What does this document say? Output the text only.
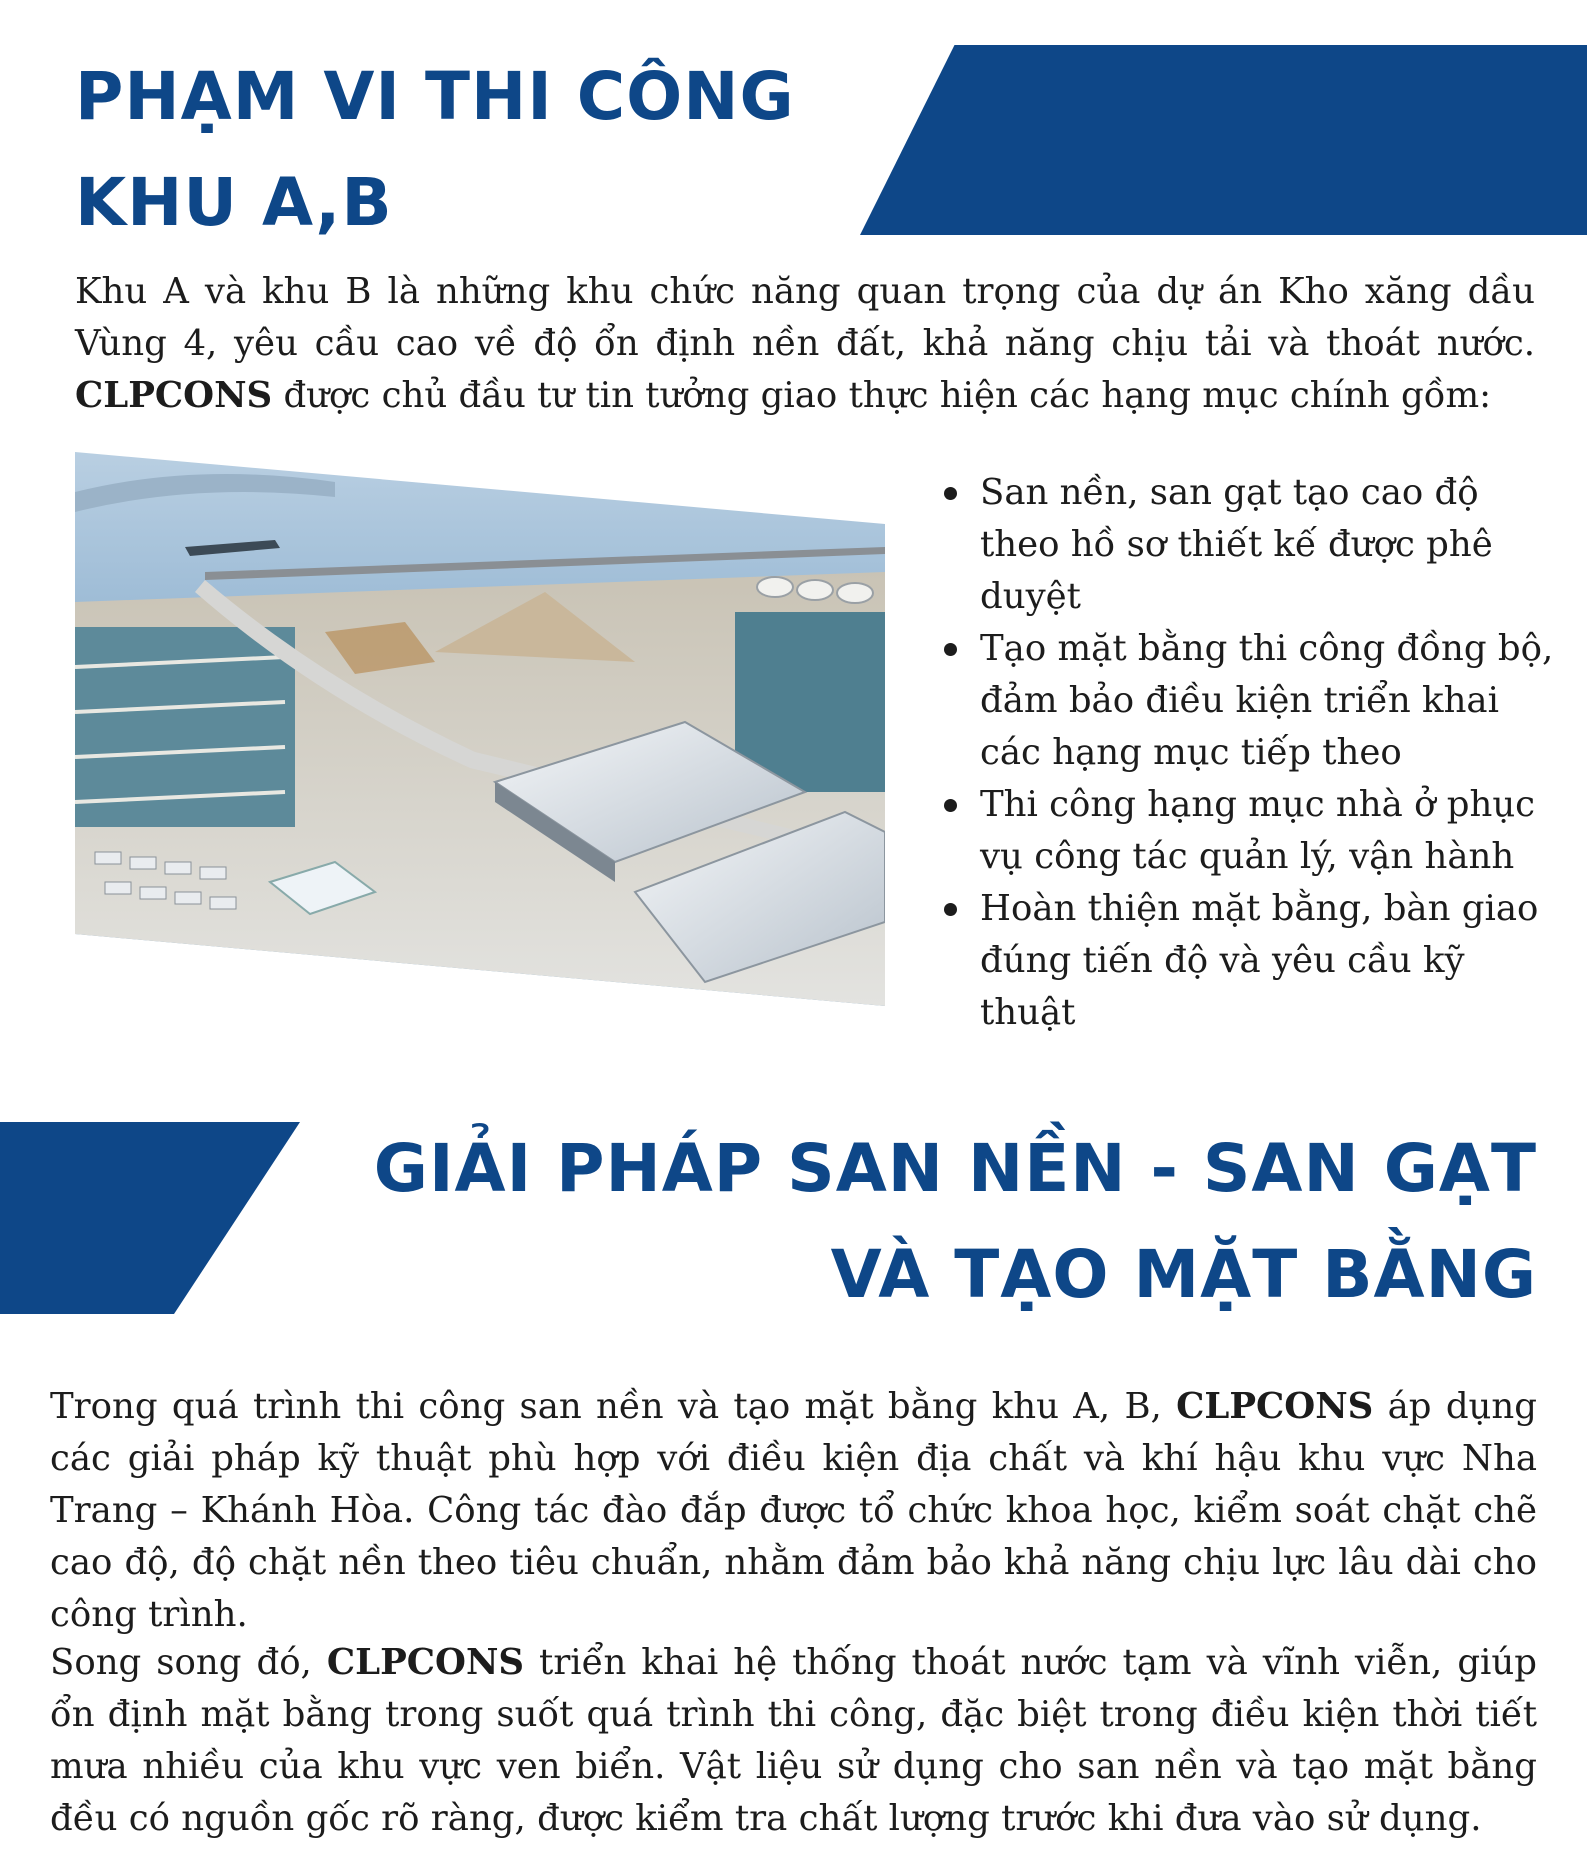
PHẠM VI THI CÔNG
KHU A,B

Khu A và khu B là những khu chức năng quan trọng của dự án Kho xăng dầu Vùng 4, yêu cầu cao về độ ổn định nền đất, khả năng chịu tải và thoát nước. CLPCONS được chủ đầu tư tin tưởng giao thực hiện các hạng mục chính gồm:

San nền, san gạt tạo cao độ theo hồ sơ thiết kế được phê duyệt
Tạo mặt bằng thi công đồng bộ, đảm bảo điều kiện triển khai các hạng mục tiếp theo
Thi công hạng mục nhà ở phục vụ công tác quản lý, vận hành
Hoàn thiện mặt bằng, bàn giao đúng tiến độ và yêu cầu kỹ thuật
GIẢI PHÁP SAN NỀN - SAN GẠT
VÀ TẠO MẶT BẰNG

Trong quá trình thi công san nền và tạo mặt bằng khu A, B, CLPCONS áp dụng các giải pháp kỹ thuật phù hợp với điều kiện địa chất và khí hậu khu vực Nha Trang – Khánh Hòa. Công tác đào đắp được tổ chức khoa học, kiểm soát chặt chẽ cao độ, độ chặt nền theo tiêu chuẩn, nhằm đảm bảo khả năng chịu lực lâu dài cho công trình.

Song song đó, CLPCONS triển khai hệ thống thoát nước tạm và vĩnh viễn, giúp ổn định mặt bằng trong suốt quá trình thi công, đặc biệt trong điều kiện thời tiết mưa nhiều của khu vực ven biển. Vật liệu sử dụng cho san nền và tạo mặt bằng đều có nguồn gốc rõ ràng, được kiểm tra chất lượng trước khi đưa vào sử dụng.
